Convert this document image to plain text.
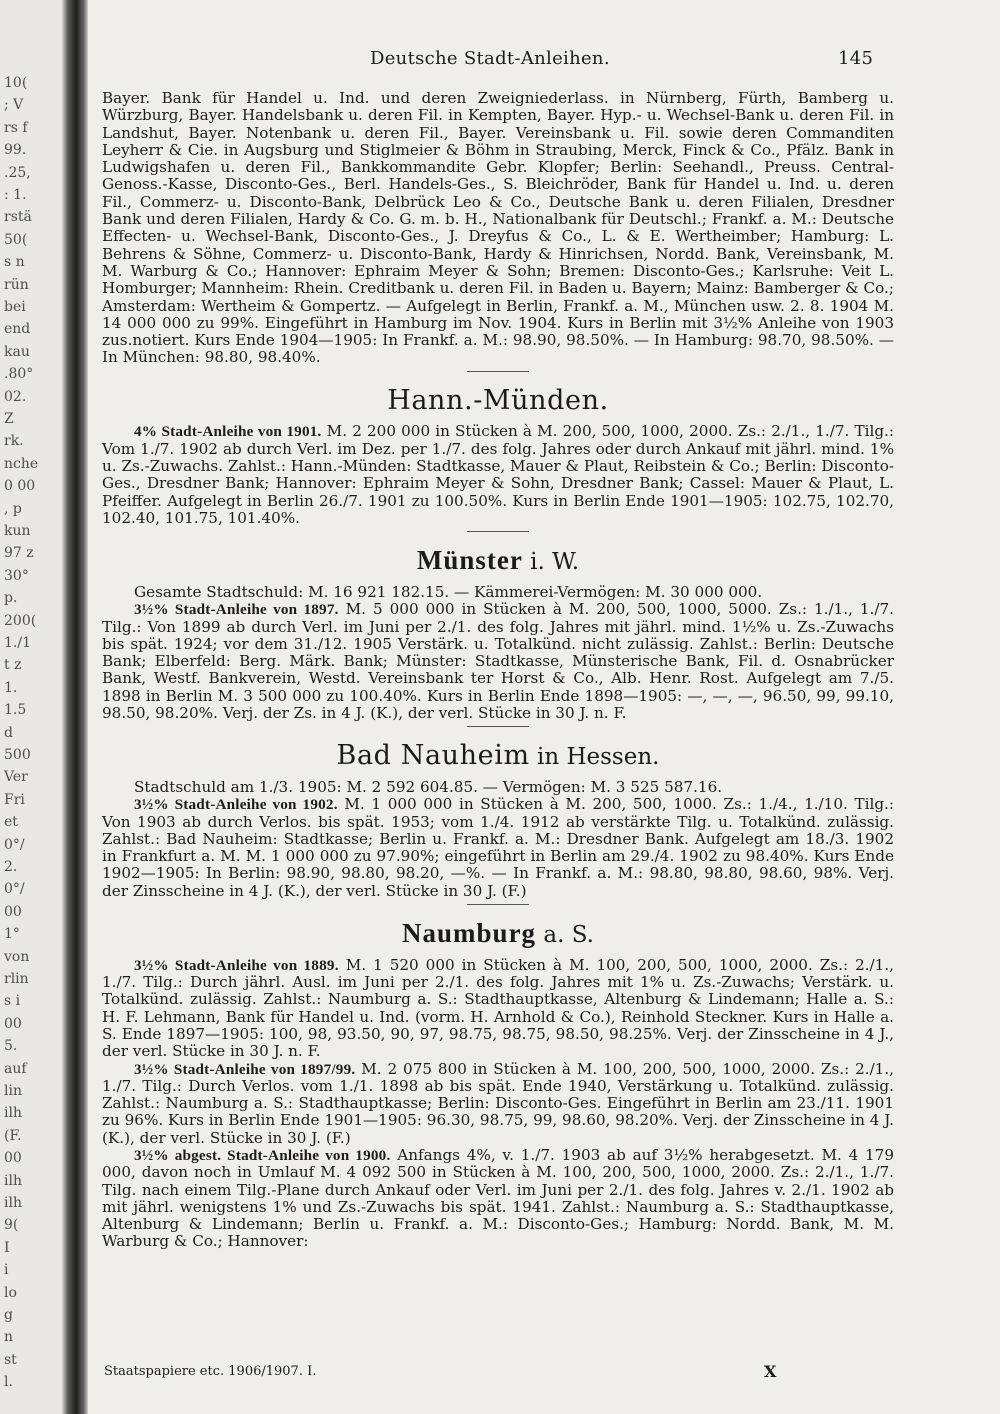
10(
; V
rs f
99.
.25,
: 1.
rstä
50(
s n
rün
bei
end
kau
.80°
02.
Z
rk.
nche
0 00
, p
kun
97 z
30°
p.
200(
1./1
t z
1.
1.5
d
500
Ver
Fri
et
0°/
2.
0°/
00
1°
von
rlin
s i
00
5.
auf
lin
ilh
(F.
00
ilh
ilh
9(
I
i
lo
g
n
st
l.
Deutsche Stadt-Anleihen.	145

Bayer. Bank für Handel u. Ind. und deren Zweigniederlass. in Nürnberg, Fürth, Bamberg u. Würzburg, Bayer. Handelsbank u. deren Fil. in Kempten, Bayer. Hyp.- u. Wechsel-Bank u. deren Fil. in Landshut, Bayer. Notenbank u. deren Fil., Bayer. Vereinsbank u. Fil. sowie deren Commanditen Leyherr & Cie. in Augsburg und Stiglmeier & Böhm in Straubing, Merck, Finck & Co., Pfälz. Bank in Ludwigshafen u. deren Fil., Bankkommandite Gebr. Klopfer; Berlin: Seehandl., Preuss. Central-Genoss.-Kasse, Disconto-Ges., Berl. Handels-Ges., S. Bleichröder, Bank für Handel u. Ind. u. deren Fil., Commerz- u. Disconto-Bank, Delbrück Leo & Co., Deutsche Bank u. deren Filialen, Dresdner Bank und deren Filialen, Hardy & Co. G. m. b. H., Nationalbank für Deutschl.; Frankf. a. M.: Deutsche Effecten- u. Wechsel-Bank, Disconto-Ges., J. Dreyfus & Co., L. & E. Wertheimber; Hamburg: L. Behrens & Söhne, Commerz- u. Disconto-Bank, Hardy & Hinrichsen, Nordd. Bank, Vereinsbank, M. M. Warburg & Co.; Hannover: Ephraim Meyer & Sohn; Bremen: Disconto-Ges.; Karlsruhe: Veit L. Homburger; Mannheim: Rhein. Creditbank u. deren Fil. in Baden u. Bayern; Mainz: Bamberger & Co.; Amsterdam: Wertheim & Gompertz. — Aufgelegt in Berlin, Frankf. a. M., München usw. 2. 8. 1904 M. 14 000 000 zu 99%. Eingeführt in Hamburg im Nov. 1904. Kurs in Berlin mit 3½% Anleihe von 1903 zus.notiert. Kurs Ende 1904—1905: In Frankf. a. M.: 98.90, 98.50%. — In Hamburg: 98.70, 98.50%. — In München: 98.80, 98.40%.

Hann.-Münden.

4% Stadt-Anleihe von 1901. M. 2 200 000 in Stücken à M. 200, 500, 1000, 2000. Zs.: 2./1., 1./7. Tilg.: Vom 1./7. 1902 ab durch Verl. im Dez. per 1./7. des folg. Jahres oder durch Ankauf mit jährl. mind. 1% u. Zs.-Zuwachs. Zahlst.: Hann.-Münden: Stadtkasse, Mauer & Plaut, Reibstein & Co.; Berlin: Disconto-Ges., Dresdner Bank; Hannover: Ephraim Meyer & Sohn, Dresdner Bank; Cassel: Mauer & Plaut, L. Pfeiffer. Aufgelegt in Berlin 26./7. 1901 zu 100.50%. Kurs in Berlin Ende 1901—1905: 102.75, 102.70, 102.40, 101.75, 101.40%.

Münster i. W.

Gesamte Stadtschuld: M. 16 921 182.15. — Kämmerei-Vermögen: M. 30 000 000.

3½% Stadt-Anleihe von 1897. M. 5 000 000 in Stücken à M. 200, 500, 1000, 5000. Zs.: 1./1., 1./7. Tilg.: Von 1899 ab durch Verl. im Juni per 2./1. des folg. Jahres mit jährl. mind. 1½% u. Zs.-Zuwachs bis spät. 1924; vor dem 31./12. 1905 Verstärk. u. Totalkünd. nicht zulässig. Zahlst.: Berlin: Deutsche Bank; Elberfeld: Berg. Märk. Bank; Münster: Stadtkasse, Münsterische Bank, Fil. d. Osnabrücker Bank, Westf. Bankverein, Westd. Vereinsbank ter Horst & Co., Alb. Henr. Rost. Aufgelegt am 7./5. 1898 in Berlin M. 3 500 000 zu 100.40%. Kurs in Berlin Ende 1898—1905: —, —, —, 96.50, 99, 99.10, 98.50, 98.20%. Verj. der Zs. in 4 J. (K.), der verl. Stücke in 30 J. n. F.

Bad Nauheim in Hessen.

Stadtschuld am 1./3. 1905: M. 2 592 604.85. — Vermögen: M. 3 525 587.16.

3½% Stadt-Anleihe von 1902. M. 1 000 000 in Stücken à M. 200, 500, 1000. Zs.: 1./4., 1./10. Tilg.: Von 1903 ab durch Verlos. bis spät. 1953; vom 1./4. 1912 ab verstärkte Tilg. u. Totalkünd. zulässig. Zahlst.: Bad Nauheim: Stadtkasse; Berlin u. Frankf. a. M.: Dresdner Bank. Aufgelegt am 18./3. 1902 in Frankfurt a. M. M. 1 000 000 zu 97.90%; eingeführt in Berlin am 29./4. 1902 zu 98.40%. Kurs Ende 1902—1905: In Berlin: 98.90, 98.80, 98.20, —%. — In Frankf. a. M.: 98.80, 98.80, 98.60, 98%. Verj. der Zinsscheine in 4 J. (K.), der verl. Stücke in 30 J. (F.)

Naumburg a. S.

3½% Stadt-Anleihe von 1889. M. 1 520 000 in Stücken à M. 100, 200, 500, 1000, 2000. Zs.: 2./1., 1./7. Tilg.: Durch jährl. Ausl. im Juni per 2./1. des folg. Jahres mit 1% u. Zs.-Zuwachs; Verstärk. u. Totalkünd. zulässig. Zahlst.: Naumburg a. S.: Stadthauptkasse, Altenburg & Lindemann; Halle a. S.: H. F. Lehmann, Bank für Handel u. Ind. (vorm. H. Arnhold & Co.), Reinhold Steckner. Kurs in Halle a. S. Ende 1897—1905: 100, 98, 93.50, 90, 97, 98.75, 98.75, 98.50, 98.25%. Verj. der Zinsscheine in 4 J., der verl. Stücke in 30 J. n. F.

3½% Stadt-Anleihe von 1897/99. M. 2 075 800 in Stücken à M. 100, 200, 500, 1000, 2000. Zs.: 2./1., 1./7. Tilg.: Durch Verlos. vom 1./1. 1898 ab bis spät. Ende 1940, Verstärkung u. Totalkünd. zulässig. Zahlst.: Naumburg a. S.: Stadthauptkasse; Berlin: Disconto-Ges. Eingeführt in Berlin am 23./11. 1901 zu 96%. Kurs in Berlin Ende 1901—1905: 96.30, 98.75, 99, 98.60, 98.20%. Verj. der Zinsscheine in 4 J. (K.), der verl. Stücke in 30 J. (F.)

3½% abgest. Stadt-Anleihe von 1900. Anfangs 4%, v. 1./7. 1903 ab auf 3½% herabgesetzt. M. 4 179 000, davon noch in Umlauf M. 4 092 500 in Stücken à M. 100, 200, 500, 1000, 2000. Zs.: 2./1., 1./7. Tilg. nach einem Tilg.-Plane durch Ankauf oder Verl. im Juni per 2./1. des folg. Jahres v. 2./1. 1902 ab mit jährl. wenigstens 1% und Zs.-Zuwachs bis spät. 1941. Zahlst.: Naumburg a. S.: Stadthauptkasse, Altenburg & Lindemann; Berlin u. Frankf. a. M.: Disconto-Ges.; Hamburg: Nordd. Bank, M. M. Warburg & Co.; Hannover:

Staatspapiere etc. 1906/1907. I.	X
